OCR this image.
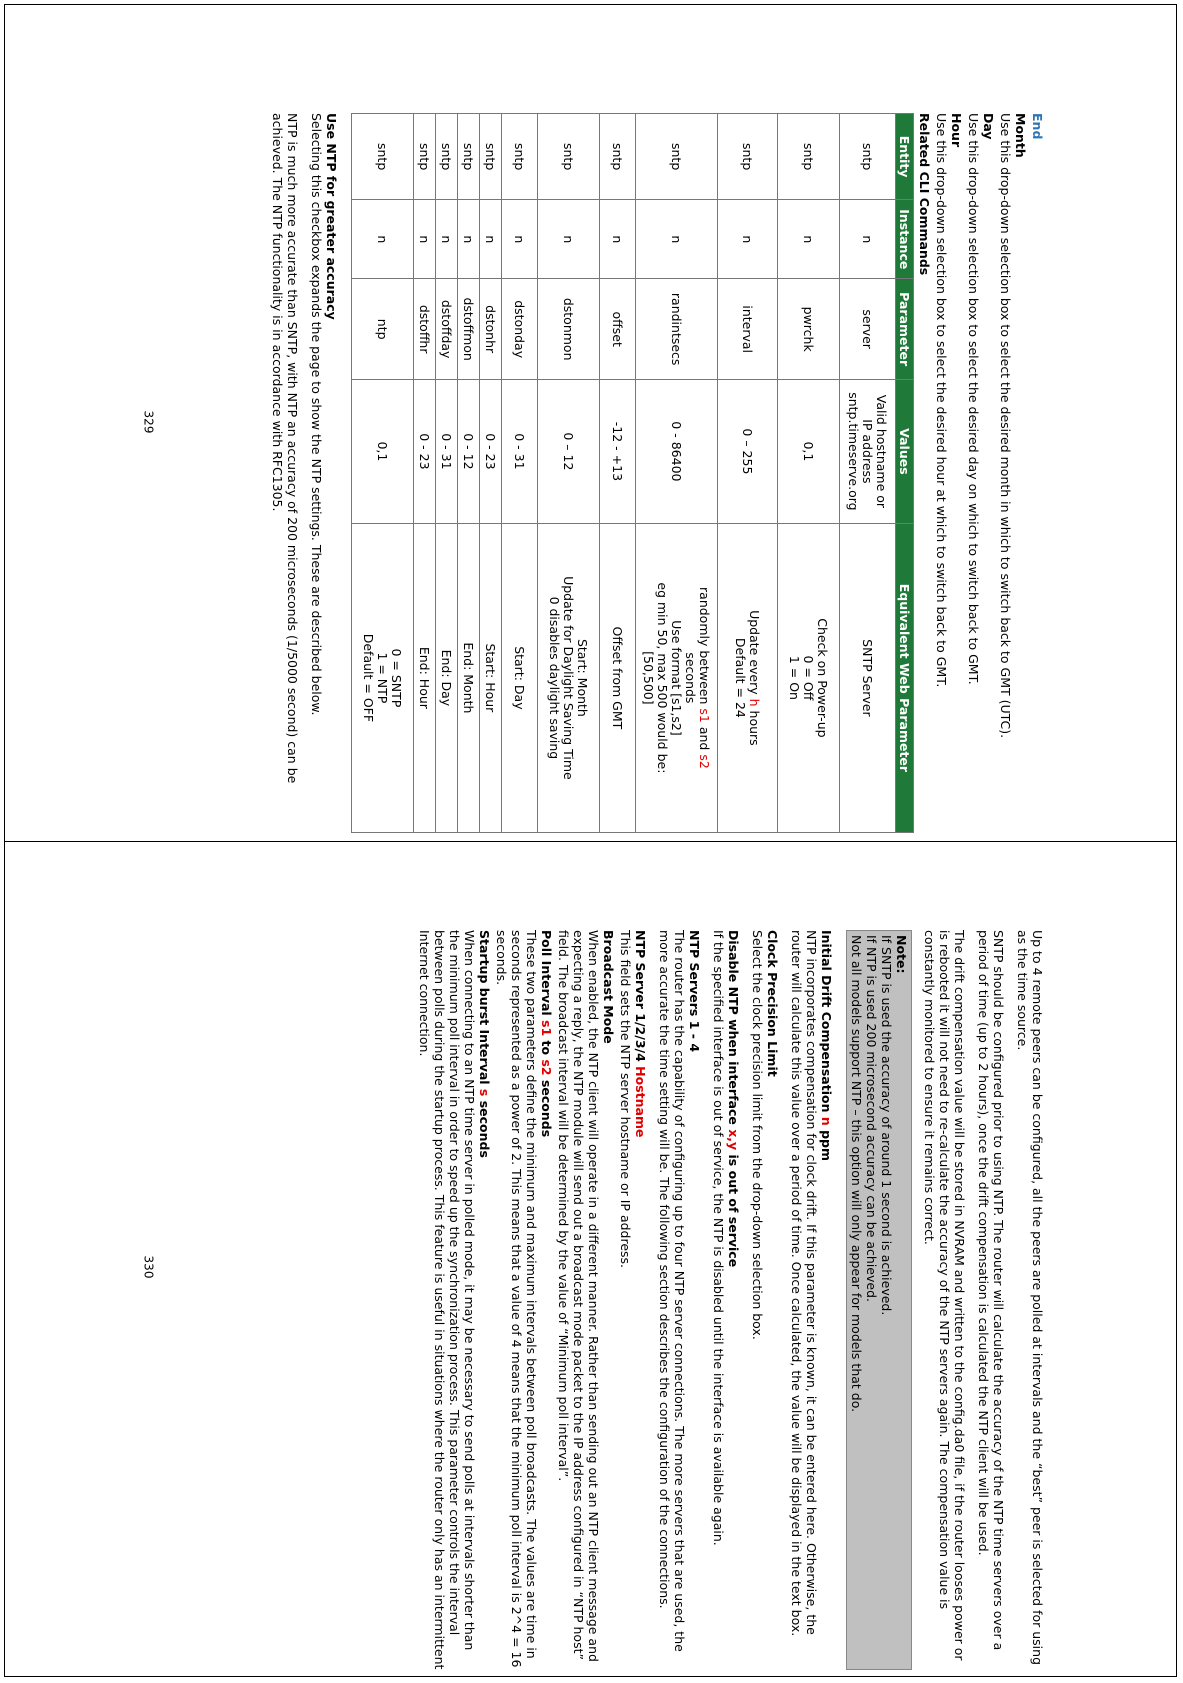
End
Month

Use this drop-down selection box to select the desired month in which to switch back to GMT (UTC).

Day

Use this drop-down selection box to select the desired day on which to switch back to GMT.

Hour

Use this drop-down selection box to select the desired hour at which to switch back to GMT.

Related CLI Commands
Entity	Instance	Parameter	Values	Equivalent Web Parameter
sntp	n	server	Valid hostname or
IP address
sntp.timeserve.org	SNTP Server
sntp	n	pwrchk	0,1	Check on Power-up
0 = Off
1 = On

sntp	n	interval	0 – 255	Update every h hours
Default = 24

sntp	n	randintsecs	0 - 86400	randomly between s1 and s2
seconds
Use format [s1,s2]
eg min 50, max 500 would be:
[50,500]

sntp	n	offset	-12 - +13	Offset from GMT
sntp	n	dstonmon	0 – 12	Start: Month
Update for Daylight Saving Time
0 disables daylight saving

sntp	n	dstonday	0 - 31	Start: Day
sntp	n	dstonhr	0 - 23	Start: Hour
sntp	n	dstoffmon	0 - 12	End: Month
sntp	n	dstoffday	0 - 31	End: Day
sntp	n	dstoffhr	0 - 23	End: Hour
sntp	n	ntp	0,1	0 = SNTP
1 = NTP
Default = OFF
Use NTP for greater accuracy

Selecting this checkbox expands the page to show the NTP settings. These are described below.

NTP is much more accurate than SNTP, with NTP an accuracy of 200 microseconds (1/5000 second) can be achieved. The NTP functionality is in accordance with RFC1305.

329

Up to 4 remote peers can be configured, all the peers are polled at intervals and the “best” peer is selected for using as the time source.

SNTP should be configured prior to using NTP. The router will calculate the accuracy of the NTP time servers over a period of time (up to 2 hours), once the drift compensation is calculated the NTP client will be used.

The drift compensation value will be stored in NVRAM and written to the config.da0 file, if the router looses power or is rebooted it will not need to re-calculate the accuracy of the NTP servers again. The compensation value is constantly monitored to ensure it remains correct.

Note:
If SNTP is used the accuracy of around 1 second is achieved.
If NTP is used 200 microsecond accuracy can be achieved.
Not all models support NTP – this option will only appear for models that do.
Initial Drift Compensation n ppm

NTP incorporates compensation for clock drift. If this parameter is known, it can be entered here. Otherwise, the router will calculate this value over a period of time. Once calculated, the value will be displayed in the text box.

Clock Precision Limit

Select the clock precision limit from the drop-down selection box.

Disable NTP when interface x,y is out of service

If the specified interface is out of service, the NTP is disabled until the interface is available again.

NTP Servers 1 - 4

The router has the capability of configuring up to four NTP server connections. The more servers that are used, the more accurate the time setting will be. The following section describes the configuration of the connections.

NTP Server 1/2/3/4 Hostname

This field sets the NTP server hostname or IP address.

Broadcast Mode

When enabled, the NTP client will operate in a different manner. Rather than sending out an NTP client message and expecting a reply, the NTP module will send out a broadcast mode packet to the IP address configured in “NTP host” field. The broadcast interval will be determined by the value of “Minimum poll interval”.

Poll Interval s1 to s2 seconds

These two parameters define the minimum and maximum intervals between poll broadcasts. The values are time in seconds represented as a power of 2. This means that a value of 4 means that the minimum poll interval is 2^4 = 16 seconds.

Startup burst Interval s seconds

When connecting to an NTP time server in polled mode, it may be necessary to send polls at intervals shorter than the minimum poll interval in order to speed up the synchronization process. This parameter controls the interval between polls during the startup process. This feature is useful in situations where the router only has an intermittent Internet connection.

330
